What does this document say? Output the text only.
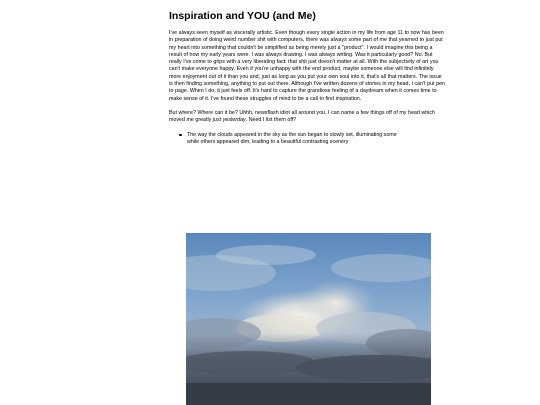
Inspiration and YOU (and Me)

I've always seen myself as viscerally artistic. Even though every single action in my life from age 11 to now has been in preparation of doing weird number shit with computers, there was always some part of me that yearned to just put my heart into something that couldn't be simplified as being merely just a "product". I would imagine this being a result of how my early years were. I was always drawing. I was always writing. Was it particularly good? No. But really I've come to grips with a very liberating fact: that shit just doesn't matter at all. With the subjectivity of art you can't make everyone happy. Even if you're unhappy with the end product, maybe someone else will find infinitely more enjoyment out of it than you and, just as long as you put your own soul into it, that's all that matters. The issue is then finding something, anything to put out there. Although I've written dozens of stories in my head, I can't put pen to page. When I do, it just feels off. It's hard to capture the grandiose feeling of a daydream when it comes time to make sense of it. I've found these struggles of mind to be a call to find inspiration.

But where? Where can it be? Uhhh, newsflash idiot all around you. I can name a few things off of my head which moved me greatly just yesterday. Need I list them off?

The way the clouds appeared in the sky as the sun began to slowly set, illuminating some while others appeared dim, leading to a beautiful contrasting scenery
